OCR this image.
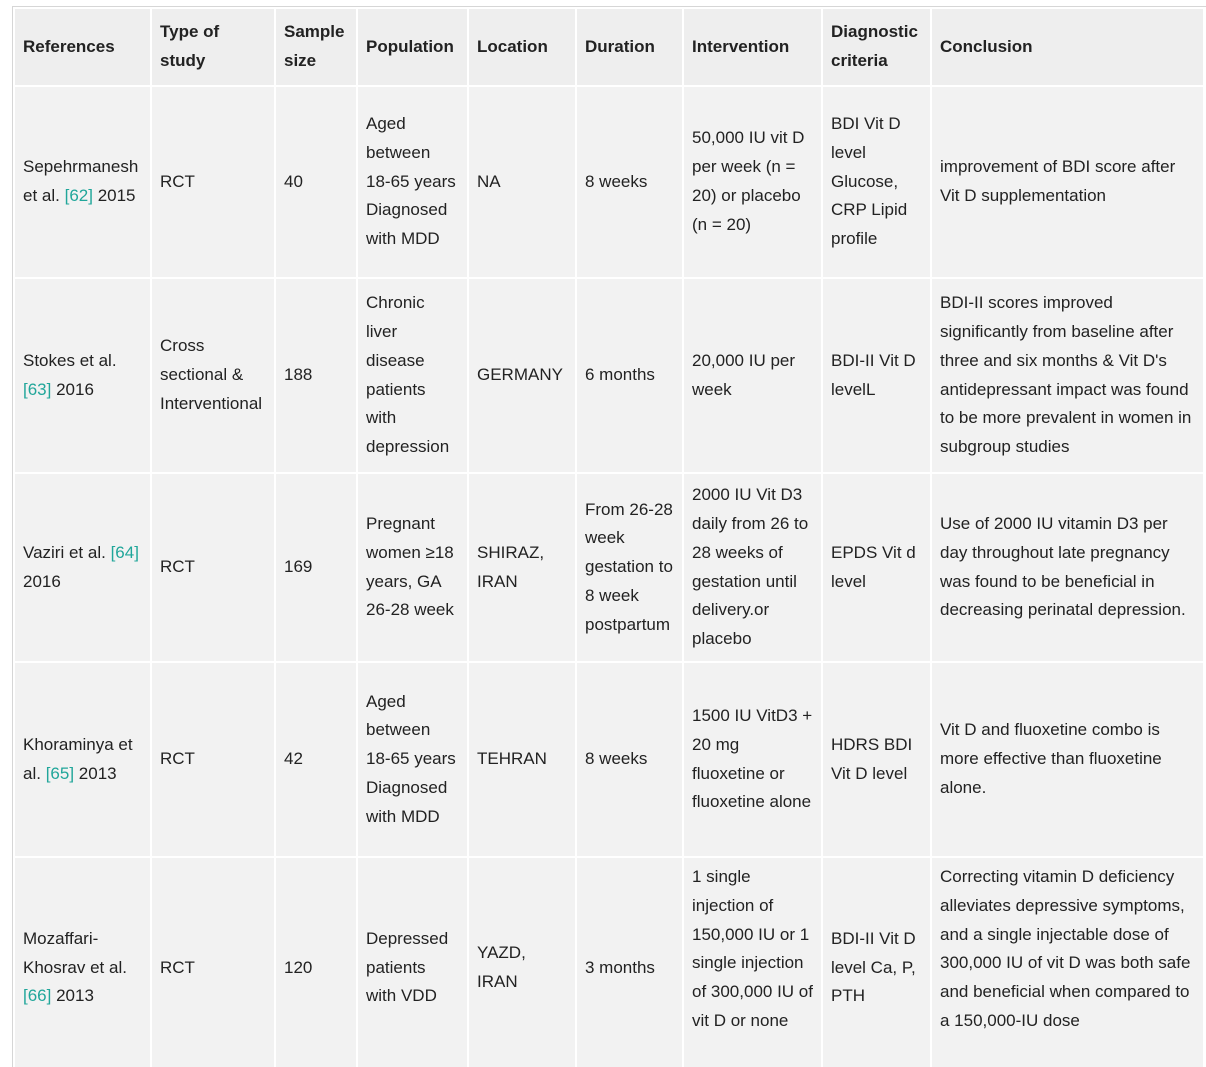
References	Type of study	Sample size	Population	Location	Duration	Intervention	Diagnostic criteria	Conclusion
Sepehrmanesh et al. [62] 2015	RCT	40	Aged between 18-65 years Diagnosed with MDD	NA	8 weeks	50,000 IU vit D per week (n = 20) or placebo (n = 20)	BDI Vit D level Glucose, CRP Lipid profile	improvement of BDI score after Vit D supplementation
Stokes et al. [63] 2016	Cross sectional & Interventional	188	Chronic liver disease patients with depression	GERMANY	6 months	20,000 IU per week	BDI-II Vit D levelL	BDI-II scores improved significantly from baseline after three and six months & Vit D's antidepressant impact was found to be more prevalent in women in subgroup studies
Vaziri et al. [64] 2016	RCT	169	Pregnant women ≥18 years, GA 26-28 week	SHIRAZ, IRAN	From 26-28 week gestation to 8 week postpartum	2000 IU Vit D3 daily from 26 to 28 weeks of gestation until delivery.or placebo	EPDS Vit d level	Use of 2000 IU vitamin D3 per day throughout late pregnancy was found to be beneficial in decreasing perinatal depression.
Khoraminya et al. [65] 2013	RCT	42	Aged between 18-65 years Diagnosed with MDD	TEHRAN	8 weeks	1500 IU VitD3 + 20 mg fluoxetine or fluoxetine alone	HDRS BDI Vit D level	Vit D and fluoxetine combo is more effective than fluoxetine alone.
Mozaffari-Khosrav et al. [66] 2013	RCT	120	Depressed patients with VDD	YAZD, IRAN	3 months	1 single injection of 150,000 IU or 1 single injection of 300,000 IU of vit D or none	BDI-II Vit D level Ca, P, PTH	Correcting vitamin D deficiency alleviates depressive symptoms, and a single injectable dose of 300,000 IU of vit D was both safe and beneficial when compared to a 150,000-IU dose
